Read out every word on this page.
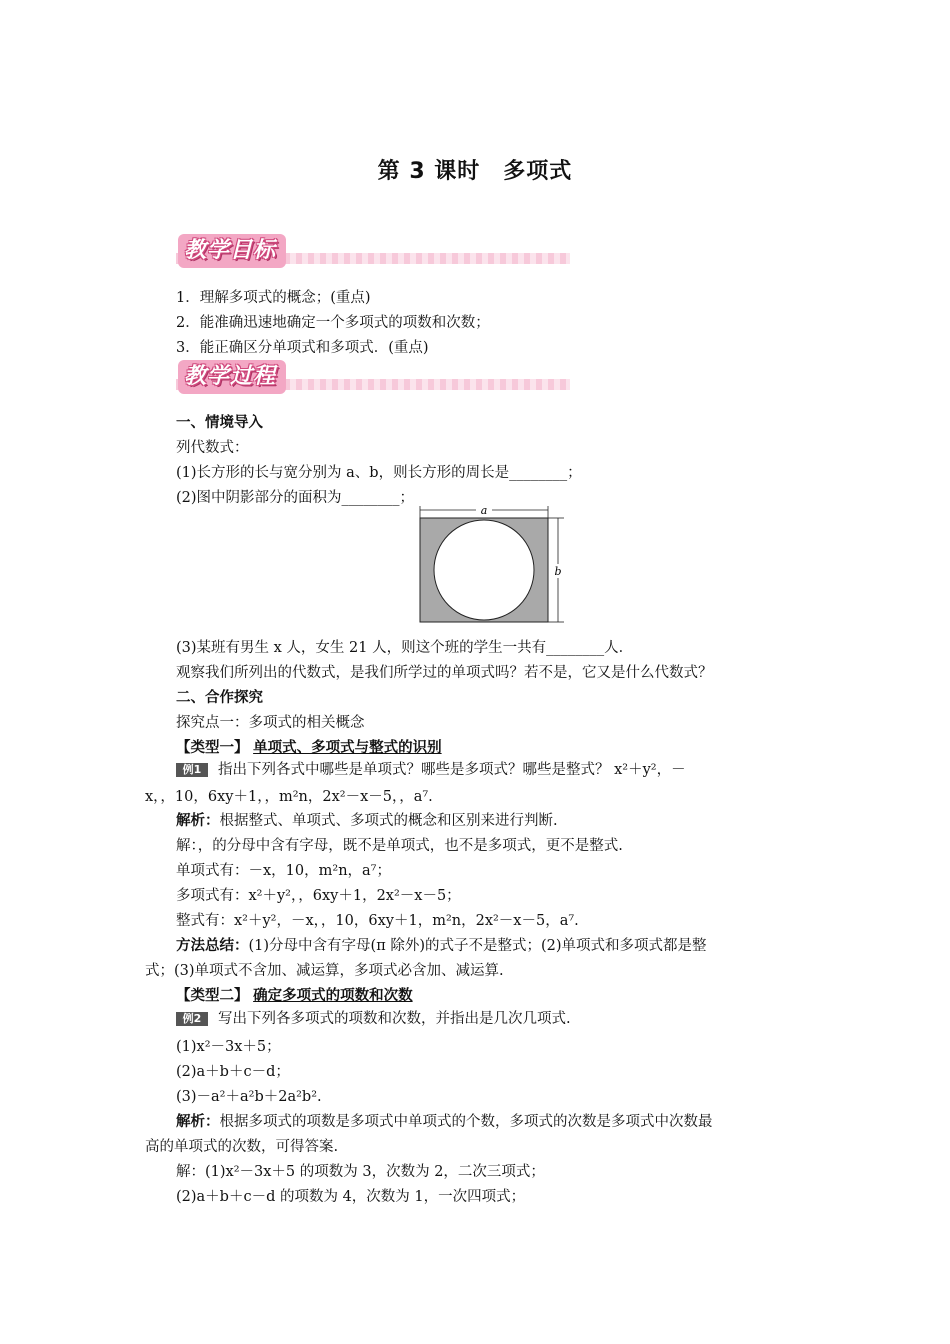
第 3 课时　多项式
教学目标
1．理解多项式的概念；(重点)
2．能准确迅速地确定一个多项式的项数和次数；
3．能正确区分单项式和多项式．(重点)
教学过程
一、情境导入
列代数式：
(1)长方形的长与宽分别为 a、b，则长方形的周长是________；
(2)图中阴影部分的面积为________；
a
b
(3)某班有男生 x 人，女生 21 人，则这个班的学生一共有________人．
观察我们所列出的代数式，是我们所学过的单项式吗？若不是，它又是什么代数式？
二、合作探究
探究点一：多项式的相关概念
【类型一】 单项式、多项式与整式的识别
例1 指出下列各式中哪些是单项式？哪些是多项式？哪些是整式？ x²＋y²，－
x，，10，6xy＋1，，m²n，2x²－x－5，，a⁷.
解析：根据整式、单项式、多项式的概念和区别来进行判断.
解：，的分母中含有字母，既不是单项式，也不是多项式，更不是整式.
单项式有：－x，10，m²n，a⁷；
多项式有：x²＋y²，，6xy＋1，2x²－x－5；
整式有：x²＋y²，－x，，10，6xy＋1，m²n，2x²－x－5，a⁷.
方法总结：(1)分母中含有字母(π 除外)的式子不是整式；(2)单项式和多项式都是整
式；(3)单项式不含加、减运算，多项式必含加、减运算.
【类型二】 确定多项式的项数和次数
例2 写出下列各多项式的项数和次数，并指出是几次几项式.
(1)x²－3x＋5；
(2)a＋b＋c－d；
(3)－a²＋a²b＋2a²b².
解析：根据多项式的项数是多项式中单项式的个数，多项式的次数是多项式中次数最
高的单项式的次数，可得答案.
解：(1)x²－3x＋5 的项数为 3，次数为 2，二次三项式；
(2)a＋b＋c－d 的项数为 4，次数为 1，一次四项式；
